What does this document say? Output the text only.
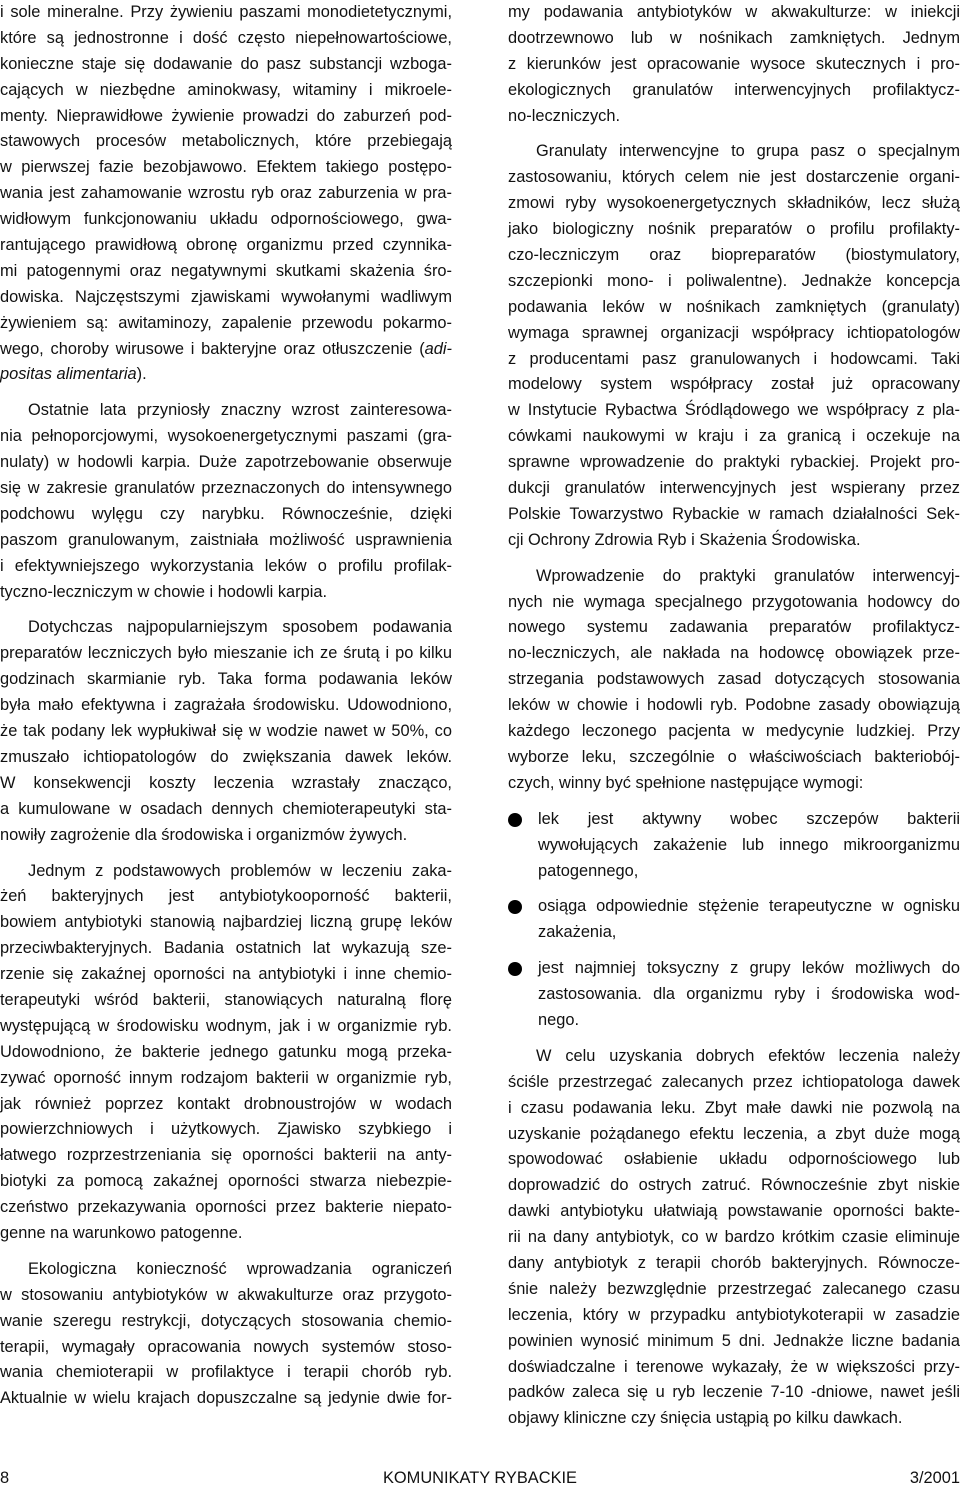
i sole mineralne. Przy żywieniu paszami monodietetycznymi,
które są jednostronne i dość często niepełnowartościowe,
konieczne staje się dodawanie do pasz substancji wzboga-
cających w niezbędne aminokwasy, witaminy i mikroele-
menty. Nieprawidłowe żywienie prowadzi do zaburzeń pod-
stawowych procesów metabolicznych, które przebiegają
w pierwszej fazie bezobjawowo. Efektem takiego postępo-
wania jest zahamowanie wzrostu ryb oraz zaburzenia w pra-
widłowym funkcjonowaniu układu odpornościowego, gwa-
rantującego prawidłową obronę organizmu przed czynnika-
mi patogennymi oraz negatywnymi skutkami skażenia śro-
dowiska. Najczęstszymi zjawiskami wywołanymi wadliwym
żywieniem są: awitaminozy, zapalenie przewodu pokarmo-
wego, choroby wirusowe i bakteryjne oraz otłuszczenie (adi-
positas alimentaria).
Ostatnie lata przyniosły znaczny wzrost zainteresowa-
nia pełnoporcjowymi, wysokoenergetycznymi paszami (gra-
nulaty) w hodowli karpia. Duże zapotrzebowanie obserwuje
się w zakresie granulatów przeznaczonych do intensywnego
podchowu wylęgu czy narybku. Równocześnie, dzięki
paszom granulowanym, zaistniała możliwość usprawnienia
i efektywniejszego wykorzystania leków o profilu profilak-
tyczno-leczniczym w chowie i hodowli karpia.
Dotychczas najpopularniejszym sposobem podawania
preparatów leczniczych było mieszanie ich ze śrutą i po kilku
godzinach skarmianie ryb. Taka forma podawania leków
była mało efektywna i zagrażała środowisku. Udowodniono,
że tak podany lek wypłukiwał się w wodzie nawet w 50%, co
zmuszało ichtiopatologów do zwiększania dawek leków.
W konsekwencji koszty leczenia wzrastały znacząco,
a kumulowane w osadach dennych chemioterapeutyki sta-
nowiły zagrożenie dla środowiska i organizmów żywych.
Jednym z podstawowych problemów w leczeniu zaka-
żeń bakteryjnych jest antybiotykooporność bakterii,
bowiem antybiotyki stanowią najbardziej liczną grupę leków
przeciwbakteryjnych. Badania ostatnich lat wykazują sze-
rzenie się zakaźnej oporności na antybiotyki i inne chemio-
terapeutyki wśród bakterii, stanowiących naturalną florę
występującą w środowisku wodnym, jak i w organizmie ryb.
Udowodniono, że bakterie jednego gatunku mogą przeka-
zywać oporność innym rodzajom bakterii w organizmie ryb,
jak również poprzez kontakt drobnoustrojów w wodach
powierzchniowych i użytkowych. Zjawisko szybkiego i
łatwego rozprzestrzeniania się oporności bakterii na anty-
biotyki za pomocą zakaźnej oporności stwarza niebezpie-
czeństwo przekazywania oporności przez bakterie niepato-
genne na warunkowo patogenne.
Ekologiczna konieczność wprowadzania ograniczeń
w stosowaniu antybiotyków w akwakulturze oraz przygoto-
wanie szeregu restrykcji, dotyczących stosowania chemio-
terapii, wymagały opracowania nowych systemów stoso-
wania chemioterapii w profilaktyce i terapii chorób ryb.
Aktualnie w wielu krajach dopuszczalne są jedynie dwie for-
my podawania antybiotyków w akwakulturze: w iniekcji
dootrzewnowo lub w nośnikach zamkniętych. Jednym
z kierunków jest opracowanie wysoce skutecznych i pro-
ekologicznych granulatów interwencyjnych profilaktycz-
no-leczniczych.
Granulaty interwencyjne to grupa pasz o specjalnym
zastosowaniu, których celem nie jest dostarczenie organi-
zmowi ryby wysokoenergetycznych składników, lecz służą
jako biologiczny nośnik preparatów o profilu profilakty-
czo-leczniczym oraz biopreparatów (biostymulatory,
szczepionki mono- i poliwalentne). Jednakże koncepcja
podawania leków w nośnikach zamkniętych (granulaty)
wymaga sprawnej organizacji współpracy ichtiopatologów
z producentami pasz granulowanych i hodowcami. Taki
modelowy system współpracy został już opracowany
w Instytucie Rybactwa Śródlądowego we współpracy z pla-
cówkami naukowymi w kraju i za granicą i oczekuje na
sprawne wprowadzenie do praktyki rybackiej. Projekt pro-
dukcji granulatów interwencyjnych jest wspierany przez
Polskie Towarzystwo Rybackie w ramach działalności Sek-
cji Ochrony Zdrowia Ryb i Skażenia Środowiska.
Wprowadzenie do praktyki granulatów interwencyj-
nych nie wymaga specjalnego przygotowania hodowcy do
nowego systemu zadawania preparatów profilaktycz-
no-leczniczych, ale nakłada na hodowcę obowiązek prze-
strzegania podstawowych zasad dotyczących stosowania
leków w chowie i hodowli ryb. Podobne zasady obowiązują
każdego leczonego pacjenta w medycynie ludzkiej. Przy
wyborze leku, szczególnie o właściwościach bakteriobój-
czych, winny być spełnione następujące wymogi:
lek jest aktywny wobec szczepów bakterii
wywołujących zakażenie lub innego mikroorganizmu
patogennego,
osiąga odpowiednie stężenie terapeutyczne w ognisku
zakażenia,
jest najmniej toksyczny z grupy leków możliwych do
zastosowania. dla organizmu ryby i środowiska wod-
nego.
W celu uzyskania dobrych efektów leczenia należy
ściśle przestrzegać zalecanych przez ichtiopatologa dawek
i czasu podawania leku. Zbyt małe dawki nie pozwolą na
uzyskanie pożądanego efektu leczenia, a zbyt duże mogą
spowodować osłabienie układu odpornościowego lub
doprowadzić do ostrych zatruć. Równocześnie zbyt niskie
dawki antybiotyku ułatwiają powstawanie oporności bakte-
rii na dany antybiotyk, co w bardzo krótkim czasie eliminuje
dany antybiotyk z terapii chorób bakteryjnych. Równocze-
śnie należy bezwzględnie przestrzegać zalecanego czasu
leczenia, który w przypadku antybiotykoterapii w zasadzie
powinien wynosić minimum 5 dni. Jednakże liczne badania
doświadczalne i terenowe wykazały, że w większości przy-
padków zaleca się u ryb leczenie 7-10 -dniowe, nawet jeśli
objawy kliniczne czy śnięcia ustąpią po kilku dawkach.
8	KOMUNIKATY RYBACKIE	3/2001
